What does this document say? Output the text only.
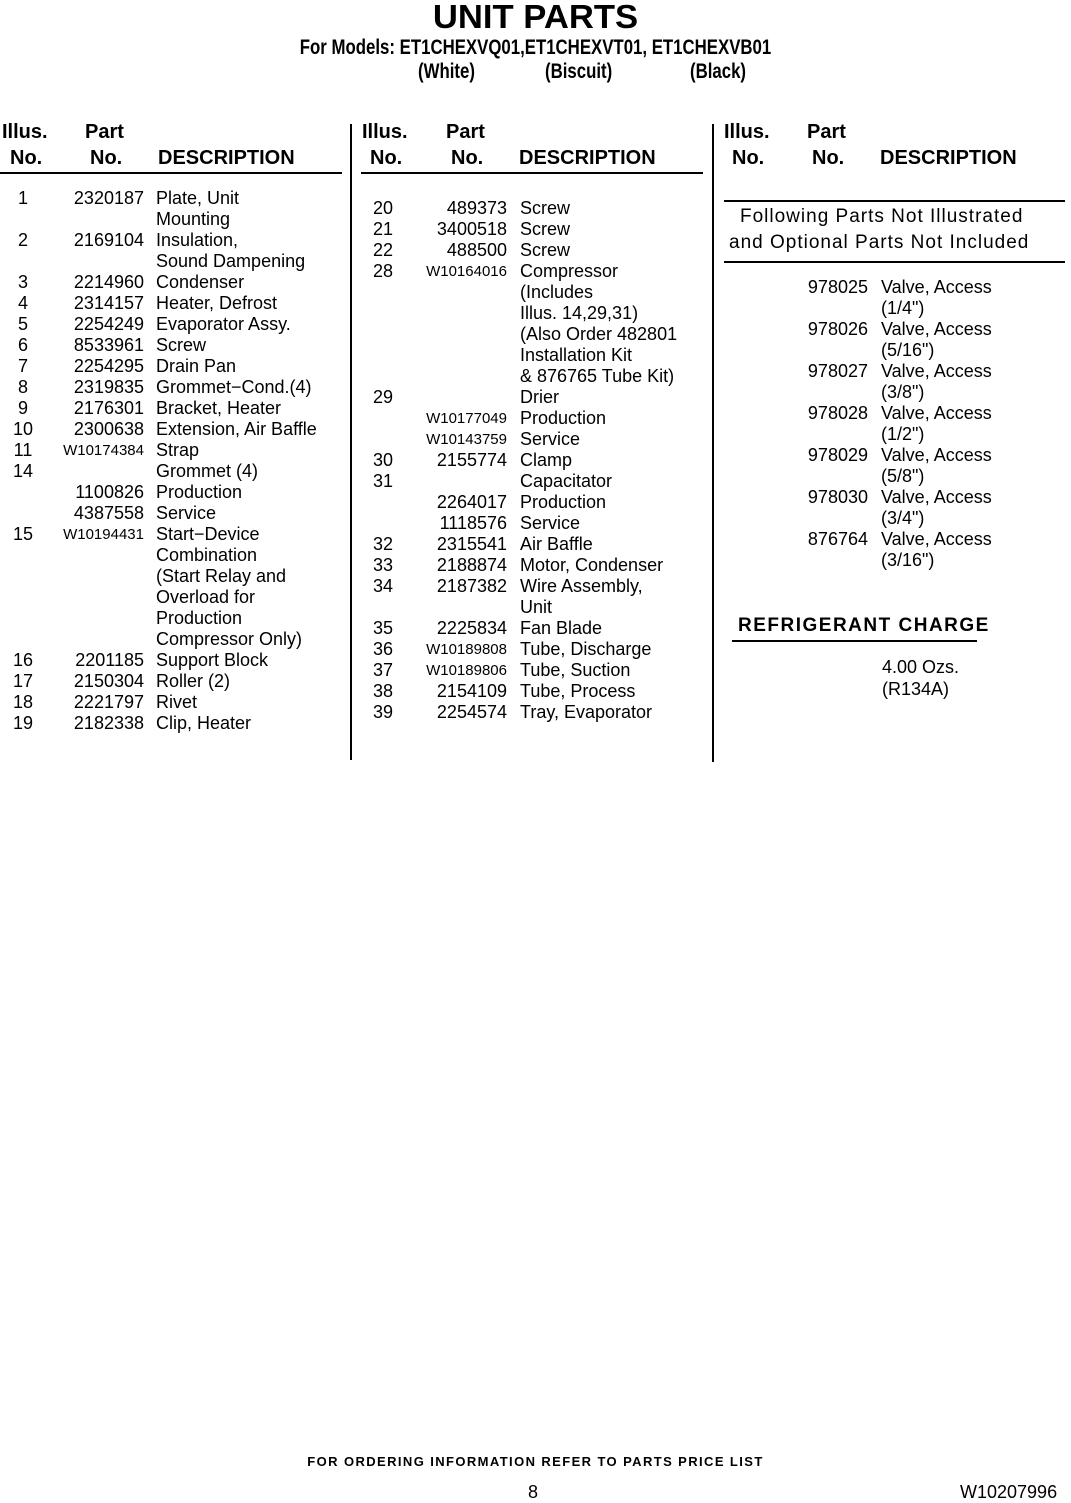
UNIT PARTS
For Models: ET1CHEXVQ01,ET1CHEXVT01, ET1CHEXVB01
(White)	(Biscuit)	(Black)
Illus.
No.
Part
No. DESCRIPTION
Illus.
No.
Part
No. DESCRIPTION
Illus.
No.
Part
No. DESCRIPTION
1	2320187 Plate, Unit
Mounting
2	2169104 Insulation,
Sound Dampening
3	2214960 Condenser
4	2314157 Heater, Defrost
5	2254249 Evaporator Assy.
6	8533961 Screw
7	2254295 Drain Pan
8	2319835 Grommet−Cond.(4)
9	2176301 Bracket, Heater
10 2300638 Extension, Air Baffle
11	W10174384 Strap
14	Grommet (4)
1100826 Production
4387558 Service
15	W10194431 Start−Device
Combination
(Start Relay and
Overload for
Production
Compressor Only)
16 2201185 Support Block
17 2150304 Roller (2)
18 2221797 Rivet
19 2182338 Clip, Heater
20	489373 Screw
21 3400518 Screw
22	488500 Screw
28	W10164016 Compressor
(Includes
Illus. 14,29,31)
(Also Order 482801
Installation Kit
& 876765 Tube Kit)
29	Drier
W10177049 Production
W10143759 Service
30 2155774 Clamp
31	Capacitator
2264017 Production
1118576 Service
32 2315541 Air Baffle
33 2188874 Motor, Condenser
34 2187382 Wire Assembly,
Unit
35 2225834 Fan Blade
36	W10189808 Tube, Discharge
37	W10189806 Tube, Suction
38 2154109 Tube, Process
39 2254574 Tray, Evaporator
Following Parts Not Illustrated
and Optional Parts Not Included
978025 Valve, Access
(1/4")
978026 Valve, Access
(5/16")
978027 Valve, Access
(3/8")
978028 Valve, Access
(1/2")
978029 Valve, Access
(5/8")
978030 Valve, Access
(3/4")
876764 Valve, Access
(3/16")
REFRIGERANT CHARGE
4.00 Ozs.
(R134A)
FOR ORDERING INFORMATION REFER TO PARTS PRICE LIST
8	W10207996
